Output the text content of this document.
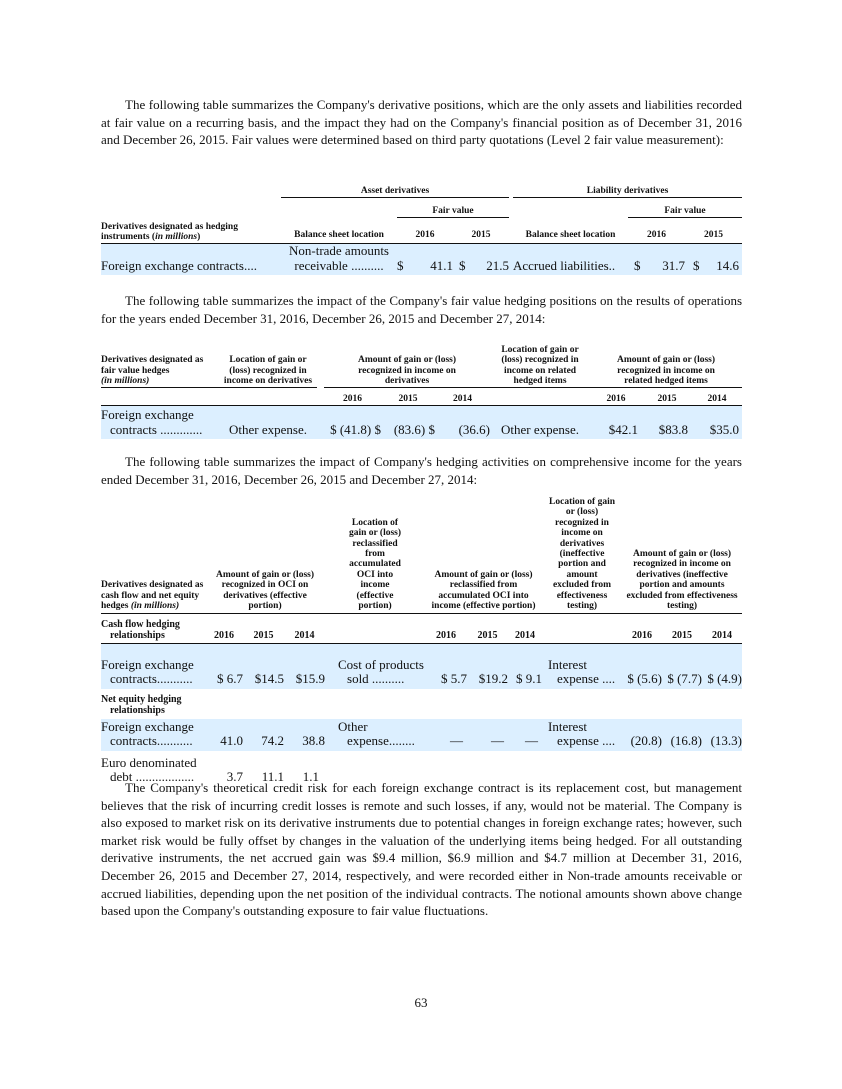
The following table summarizes the Company's derivative positions, which are the only assets and liabilities recorded at fair value on a recurring basis, and the impact they had on the Company's financial position as of December 31, 2016 and December 26, 2015. Fair values were determined based on third party quotations (Level 2 fair value measurement):

	Asset derivatives				Liability derivatives		
		Fair value				Fair value	
Derivatives designated as hedging
instruments (in millions)	Balance sheet location	2016	2015		Balance sheet location	2016	2015
Foreign exchange contracts....	Non-trade amounts receivable ..........	$ 41.1	$ 21.5		Accrued liabilities..	$ 31.7	$ 14.6

The following table summarizes the impact of the Company's fair value hedging positions on the results of operations for the years ended December 31, 2016, December 26, 2015 and December 27, 2014:

Derivatives designated as fair value hedges
(in millions)	Location of gain or (loss) recognized in income on derivatives		Amount of gain or (loss) recognized in income on derivatives			Location of gain or (loss) recognized in income on related hedged items	Amount of gain or (loss) recognized in income on related hedged items		
			2016	2015	2014		2016	2015	2014
Foreign exchange contracts .............	Other expense.		$ (41.8) $	(83.6) $	(36.6)	Other expense.	$42.1	$83.8	$35.0

The following table summarizes the impact of Company's hedging activities on comprehensive income for the years ended December 31, 2016, December 26, 2015 and December 27, 2014:

Derivatives designated as cash flow and net equity hedges (in millions)	Amount of gain or (loss) recognized in OCI on derivatives (effective portion)			Location of gain or (loss) reclassified from accumulated OCI into income (effective portion)	Amount of gain or (loss) reclassified from accumulated OCI into income (effective portion)			Location of gain or (loss) recognized in income on derivatives (ineffective portion and amount excluded from effectiveness testing)	Amount of gain or (loss) recognized in income on derivatives (ineffective portion and amounts excluded from effectiveness testing)		
Cash flow hedging relationships	2016	2015	2014		2016	2015	2014		2016	2015	2014
Foreign exchange contracts...........	$ 6.7	$14.5	$15.9	Cost of products sold ..........	$ 5.7	$19.2	$ 9.1	Interest expense ....	$ (5.6)	$ (7.7)	$ (4.9)
Net equity hedging relationships											
Foreign exchange contracts...........	41.0	74.2	38.8	Other expense........	—	—	—	Interest expense ....	(20.8)	(16.8)	(13.3)
Euro denominated debt ..................	3.7	11.1	1.1								

The Company's theoretical credit risk for each foreign exchange contract is its replacement cost, but management believes that the risk of incurring credit losses is remote and such losses, if any, would not be material. The Company is also exposed to market risk on its derivative instruments due to potential changes in foreign exchange rates; however, such market risk would be fully offset by changes in the valuation of the underlying items being hedged. For all outstanding derivative instruments, the net accrued gain was $9.4 million, $6.9 million and $4.7 million at December 31, 2016, December 26, 2015 and December 27, 2014, respectively, and were recorded either in Non-trade amounts receivable or accrued liabilities, depending upon the net position of the individual contracts. The notional amounts shown above change based upon the Company's outstanding exposure to fair value fluctuations.

63
